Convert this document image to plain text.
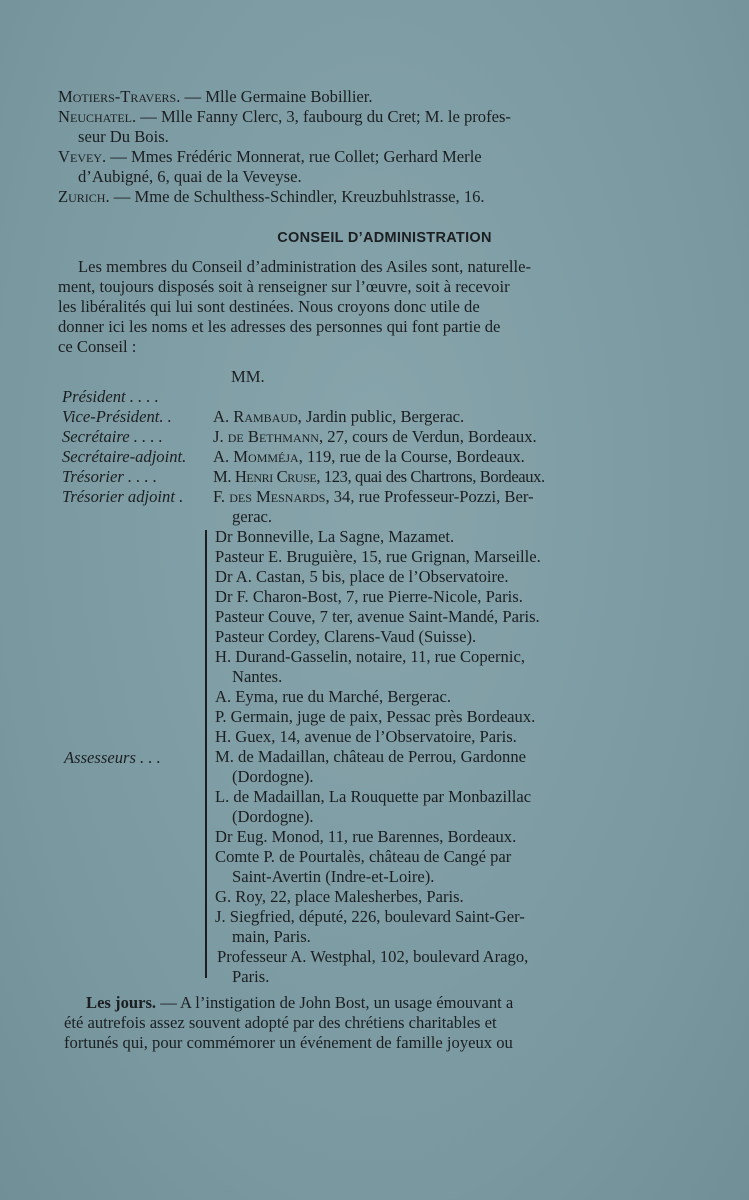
Motiers-Travers. — Mlle Germaine Bobillier.
Neuchatel. — Mlle Fanny Clerc, 3, faubourg du Cret; M. le profes-
seur Du Bois.
Vevey. — Mmes Frédéric Monnerat, rue Collet; Gerhard Merle
d’Aubigné, 6, quai de la Veveyse.
Zurich. — Mme de Schulthess-Schindler, Kreuzbuhlstrasse, 16.
CONSEIL D’ADMINISTRATION
Les membres du Conseil d’administration des Asiles sont, naturelle-
ment, toujours disposés soit à renseigner sur l’œuvre, soit à recevoir
les libéralités qui lui sont destinées. Nous croyons donc utile de
donner ici les noms et les adresses des personnes qui font partie de
ce Conseil :
MM.
Président . . . .
Vice-Président. . A. Rambaud, Jardin public, Bergerac.
Secrétaire . . . .	J. de Bethmann, 27, cours de Verdun, Bordeaux.
Secrétaire-adjoint. A. Momméja, 119, rue de la Course, Bordeaux.
Trésorier . . . .	M. Henri Cruse, 123, quai des Chartrons, Bordeaux.
Trésorier adjoint . F. des Mesnards, 34, rue Professeur-Pozzi, Ber-
gerac.
Assesseurs . . .
Dr Bonneville, La Sagne, Mazamet.
Pasteur E. Bruguière, 15, rue Grignan, Marseille.
Dr A. Castan, 5 bis, place de l’Observatoire.
Dr F. Charon-Bost, 7, rue Pierre-Nicole, Paris.
Pasteur Couve, 7 ter, avenue Saint-Mandé, Paris.
Pasteur Cordey, Clarens-Vaud (Suisse).
H. Durand-Gasselin, notaire, 11, rue Copernic,
Nantes.
A. Eyma, rue du Marché, Bergerac.
P. Germain, juge de paix, Pessac près Bordeaux.
H. Guex, 14, avenue de l’Observatoire, Paris.
M. de Madaillan, château de Perrou, Gardonne
(Dordogne).
L. de Madaillan, La Rouquette par Monbazillac
(Dordogne).
Dr Eug. Monod, 11, rue Barennes, Bordeaux.
Comte P. de Pourtalès, château de Cangé par
Saint-Avertin (Indre-et-Loire).
G. Roy, 22, place Malesherbes, Paris.
J. Siegfried, député, 226, boulevard Saint-Ger-
main, Paris.
Professeur A. Westphal, 102, boulevard Arago,
Paris.
Les jours. — A l’instigation de John Bost, un usage émouvant a
été autrefois assez souvent adopté par des chrétiens charitables et
fortunés qui, pour commémorer un événement de famille joyeux ou
